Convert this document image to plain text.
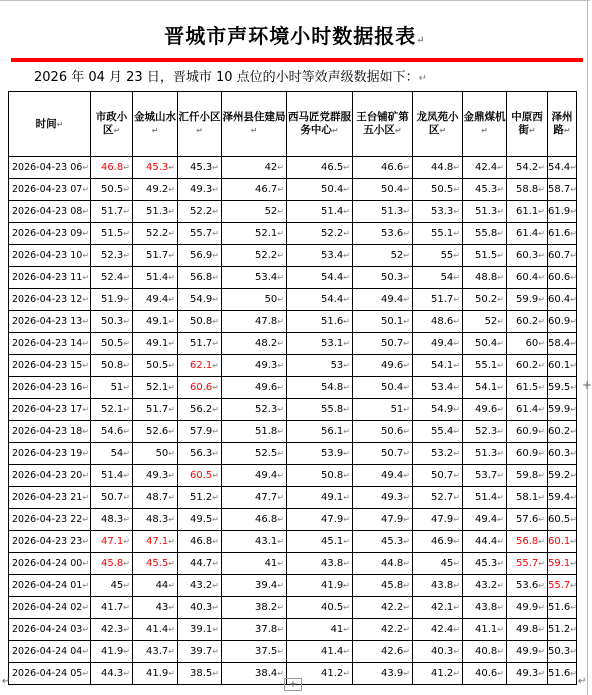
晋城市声环境小时数据报表↵
2026 年 04 月 23 日，晋城市 10 点位的小时等效声级数据如下：↵
时间↵	市政小区↵	金城山水↵	汇仟小区↵	泽州县住建局↵	西马匠党群服务中心↵	王台铺矿第五小区↵	龙凤苑小区↵	金鼎煤机↵	中原西街↵	泽州路↵
2026-04-23 06↵	46.8↵	45.3↵	45.3↵	42↵	46.5↵	46.6↵	44.8↵	42.4↵	54.2↵	54.4↵
2026-04-23 07↵	50.5↵	49.2↵	49.3↵	46.7↵	50.4↵	50.4↵	50.5↵	45.3↵	58.8↵	58.7↵
2026-04-23 08↵	51.7↵	51.3↵	52.2↵	52↵	51.4↵	51.3↵	53.3↵	51.3↵	61.1↵	61.9↵
2026-04-23 09↵	51.5↵	52.2↵	55.7↵	52.1↵	52.2↵	53.6↵	55.1↵	55.8↵	61.4↵	61.6↵
2026-04-23 10↵	52.3↵	51.7↵	56.9↵	52.2↵	53.4↵	52↵	55↵	51.5↵	60.3↵	60.7↵
2026-04-23 11↵	52.4↵	51.4↵	56.8↵	53.4↵	54.4↵	50.3↵	54↵	48.8↵	60.4↵	60.6↵
2026-04-23 12↵	51.9↵	49.4↵	54.9↵	50↵	54.4↵	49.4↵	51.7↵	50.2↵	59.9↵	60.4↵
2026-04-23 13↵	50.3↵	49.1↵	50.8↵	47.8↵	51.6↵	50.1↵	48.6↵	52↵	60.2↵	60.9↵
2026-04-23 14↵	50.5↵	49.1↵	51.7↵	48.2↵	53.1↵	50.7↵	49.4↵	50.4↵	60↵	58.4↵
2026-04-23 15↵	50.8↵	50.5↵	62.1↵	49.3↵	53↵	49.6↵	54.1↵	55.1↵	60.2↵	60.1↵
2026-04-23 16↵	51↵	52.1↵	60.6↵	49.6↵	54.8↵	50.4↵	53.4↵	54.1↵	61.5↵	59.5↵
2026-04-23 17↵	52.1↵	51.7↵	56.2↵	52.3↵	55.8↵	51↵	54.9↵	49.6↵	61.4↵	59.9↵
2026-04-23 18↵	54.6↵	52.6↵	57.9↵	51.8↵	56.1↵	50.6↵	55.4↵	52.3↵	60.9↵	60.2↵
2026-04-23 19↵	54↵	50↵	56.3↵	52.5↵	53.9↵	50.7↵	53.2↵	51.3↵	60.9↵	60.3↵
2026-04-23 20↵	51.4↵	49.3↵	60.5↵	49.4↵	50.8↵	49.4↵	50.7↵	53.7↵	59.8↵	59.2↵
2026-04-23 21↵	50.7↵	48.7↵	51.2↵	47.7↵	49.1↵	49.3↵	52.7↵	51.4↵	58.1↵	59.4↵
2026-04-23 22↵	48.3↵	48.3↵	49.5↵	46.8↵	47.9↵	47.9↵	47.9↵	49.4↵	57.6↵	60.5↵
2026-04-23 23↵	47.1↵	47.1↵	46.8↵	43.1↵	45.1↵	45.3↵	46.9↵	44.4↵	56.8↵	60.1↵
2026-04-24 00↵	45.8↵	45.5↵	44.7↵	41↵	43.8↵	44.8↵	45↵	45.3↵	55.7↵	59.1↵
2026-04-24 01↵	45↵	44↵	43.2↵	39.4↵	41.9↵	45.8↵	43.8↵	43.2↵	53.6↵	55.7↵
2026-04-24 02↵	41.7↵	43↵	40.3↵	38.2↵	40.5↵	42.2↵	42.1↵	43.8↵	49.9↵	51.6↵
2026-04-24 03↵	42.3↵	41.4↵	39.1↵	37.8↵	41↵	42.2↵	42.4↵	41.1↵	49.8↵	51.2↵
2026-04-24 04↵	41.9↵	43.7↵	39.7↵	37.5↵	41.4↵	42.6↵	40.3↵	40.8↵	49.9↵	50.3↵
2026-04-24 05↵	44.3↵	41.9↵	38.5↵	38.4↵	41.2↵	43.9↵	41.2↵	40.6↵	49.3↵	51.6↵
+
+
↵	↵
